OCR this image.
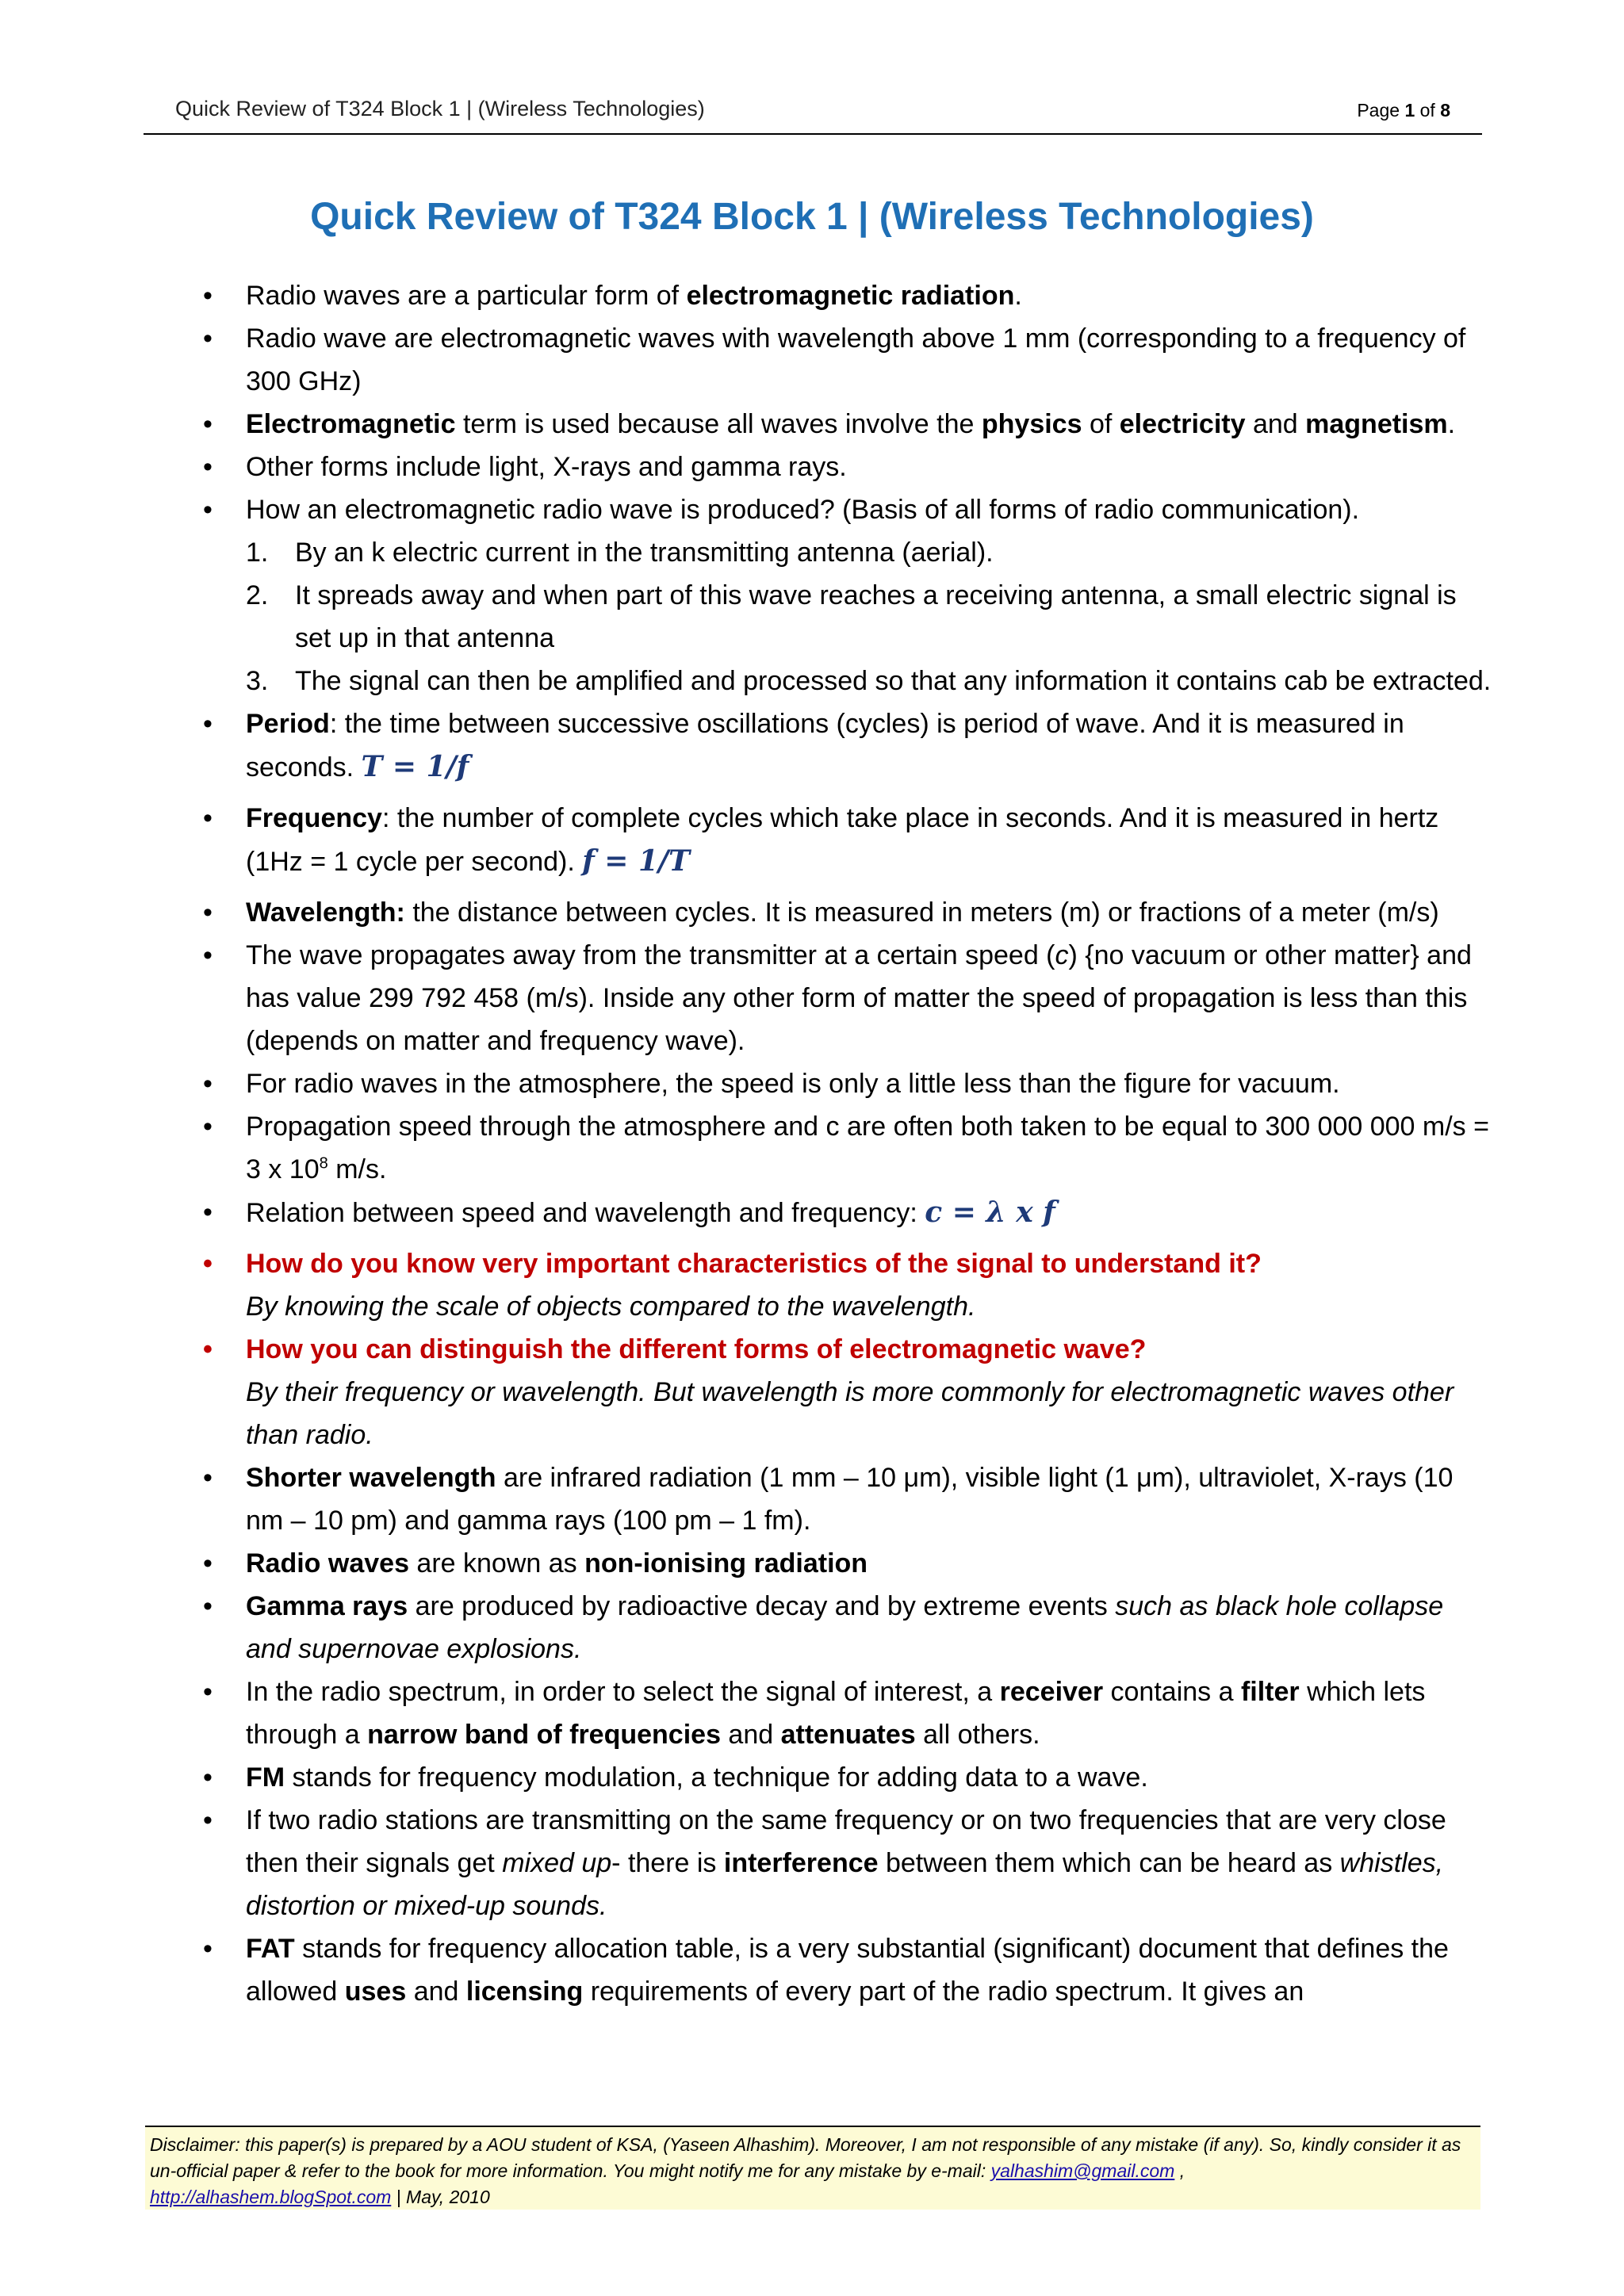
Quick Review of T324 Block 1 | (Wireless Technologies)	Page 1 of 8
Quick Review of T324 Block 1 | (Wireless Technologies)
• Radio waves are a particular form of electromagnetic radiation.
• Radio wave are electromagnetic waves with wavelength above 1 mm (corresponding to a frequency of 300 GHz)
• Electromagnetic term is used because all waves involve the physics of electricity and magnetism.
• Other forms include light, X-rays and gamma rays.
• How an electromagnetic radio wave is produced? (Basis of all forms of radio communication).
1. By an k electric current in the transmitting antenna (aerial).
2. It spreads away and when part of this wave reaches a receiving antenna, a small electric signal is set up in that antenna
3. The signal can then be amplified and processed so that any information it contains cab be extracted.
• Period: the time between successive oscillations (cycles) is period of wave. And it is measured in seconds. T = 1/f
• Frequency: the number of complete cycles which take place in seconds. And it is measured in hertz (1Hz = 1 cycle per second). f = 1/T
• Wavelength: the distance between cycles. It is measured in meters (m) or fractions of a meter (m/s)
• The wave propagates away from the transmitter at a certain speed (c) {no vacuum or other matter} and has value 299 792 458 (m/s). Inside any other form of matter the speed of propagation is less than this (depends on matter and frequency wave).
• For radio waves in the atmosphere, the speed is only a little less than the figure for vacuum.
• Propagation speed through the atmosphere and c are often both taken to be equal to 300 000 000 m/s = 3 x $10^8$ m/s.
• Relation between speed and wavelength and frequency: c = λ x f
• How do you know very important characteristics of the signal to understand it?
By knowing the scale of objects compared to the wavelength.
• How you can distinguish the different forms of electromagnetic wave?
By their frequency or wavelength. But wavelength is more commonly for electromagnetic waves other than radio.
• Shorter wavelength are infrared radiation (1 mm – 10 μm), visible light (1 μm), ultraviolet, X-rays (10 nm – 10 pm) and gamma rays (100 pm – 1 fm).
• Radio waves are known as non-ionising radiation
• Gamma rays are produced by radioactive decay and by extreme events such as black hole collapse and supernovae explosions.
• In the radio spectrum, in order to select the signal of interest, a receiver contains a filter which lets through a narrow band of frequencies and attenuates all others.
• FM stands for frequency modulation, a technique for adding data to a wave.
• If two radio stations are transmitting on the same frequency or on two frequencies that are very close then their signals get mixed up- there is interference between them which can be heard as whistles, distortion or mixed-up sounds.
• FAT stands for frequency allocation table, is a very substantial (significant) document that defines the allowed uses and licensing requirements of every part of the radio spectrum. It gives an
Disclaimer: this paper(s) is prepared by a AOU student of KSA, (Yaseen Alhashim). Moreover, I am not responsible of any mistake (if any). So, kindly consider it as un-official paper & refer to the book for more information. You might notify me for any mistake by e-mail: yalhashim@gmail.com ,
http://alhashem.blogSpot.com | May, 2010
